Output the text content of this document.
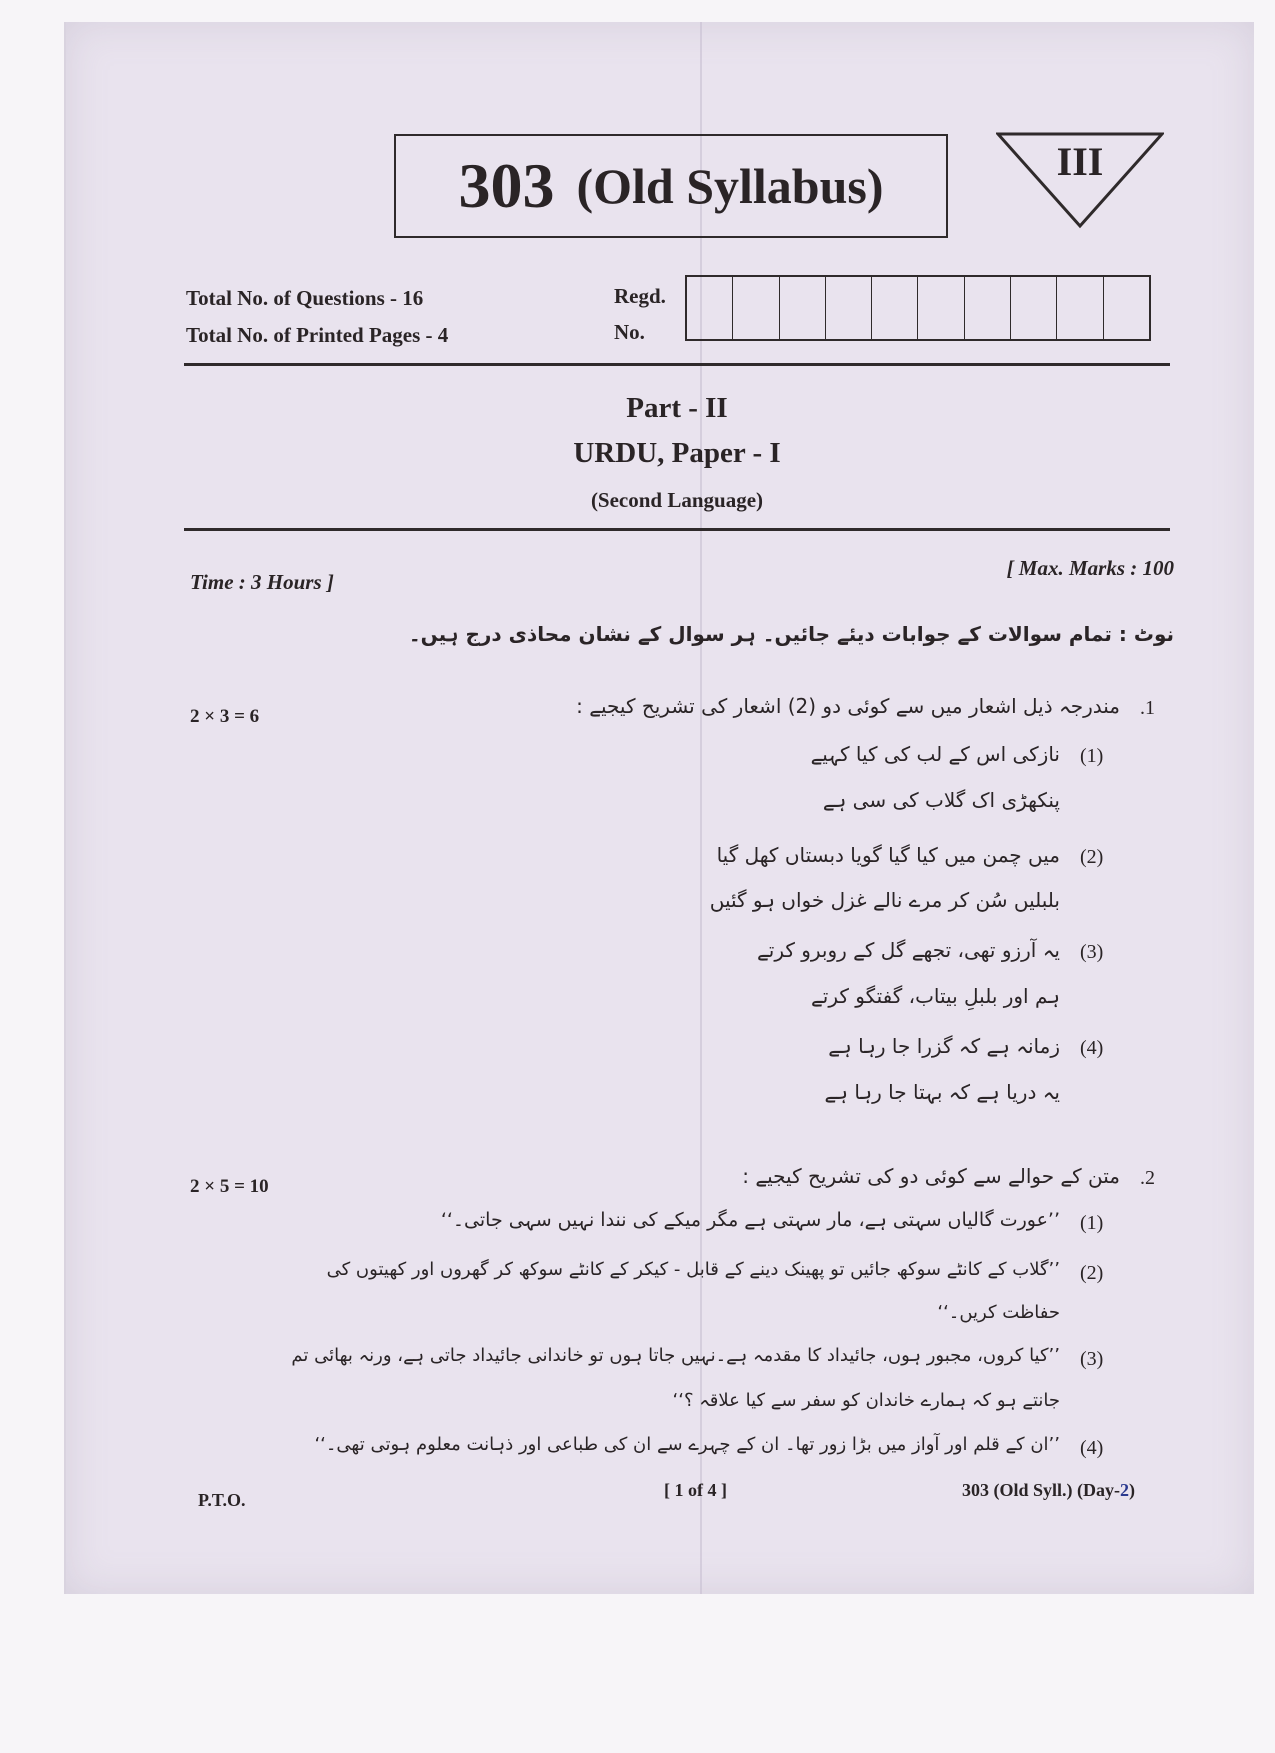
303 (Old Syllabus)	III
Total No. of Questions - 16
Total No. of Printed Pages - 4
Regd.
No.
Part - II
URDU, Paper - I
(Second Language)
Time : 3 Hours ]
[ Max. Marks : 100
نوٹ : تمام سوالات کے جوابات دیئے جائیں۔ ہر سوال کے نشان محاذی درج ہیں۔
.1
مندرجہ ذیل اشعار میں سے کوئی دو (2) اشعار کی تشریح کیجیے :
2 × 3 = 6
(1)
نازکی اس کے لب کی کیا کہیے
پنکھڑی اک گلاب کی سی ہے
(2)
میں چمن میں کیا گیا گویا دبستاں کھل گیا
بلبلیں سُن کر مرے نالے غزل خواں ہو گئیں
(3)
یہ آرزو تھی، تجھے گل کے روبرو کرتے
ہم اور بلبلِ بیتاب، گفتگو کرتے
(4)
زمانہ ہے کہ گزرا جا رہا ہے
یہ دریا ہے کہ بہتا جا رہا ہے
.2
متن کے حوالے سے کوئی دو کی تشریح کیجیے :
2 × 5 = 10
(1)
’’عورت گالیاں سہتی ہے، مار سہتی ہے مگر میکے کی نندا نہیں سہی جاتی۔‘‘
(2)
’’گلاب کے کانٹے سوکھ جائیں تو پھینک دینے کے قابل - کیکر کے کانٹے سوکھ کر گھروں اور کھیتوں کی
حفاظت کریں۔‘‘
(3)
’’کیا کروں، مجبور ہوں، جائیداد کا مقدمہ ہے۔نہیں جاتا ہوں تو خاندانی جائیداد جاتی ہے، ورنہ بھائی تم
جانتے ہو کہ ہمارے خاندان کو سفر سے کیا علاقہ ؟‘‘
(4)
’’ان کے قلم اور آواز میں بڑا زور تھا۔ ان کے چہرے سے ان کی طباعی اور ذہانت معلوم ہوتی تھی۔‘‘
P.T.O.	[ 1 of 4 ]	303 (Old Syll.) (Day-2)
